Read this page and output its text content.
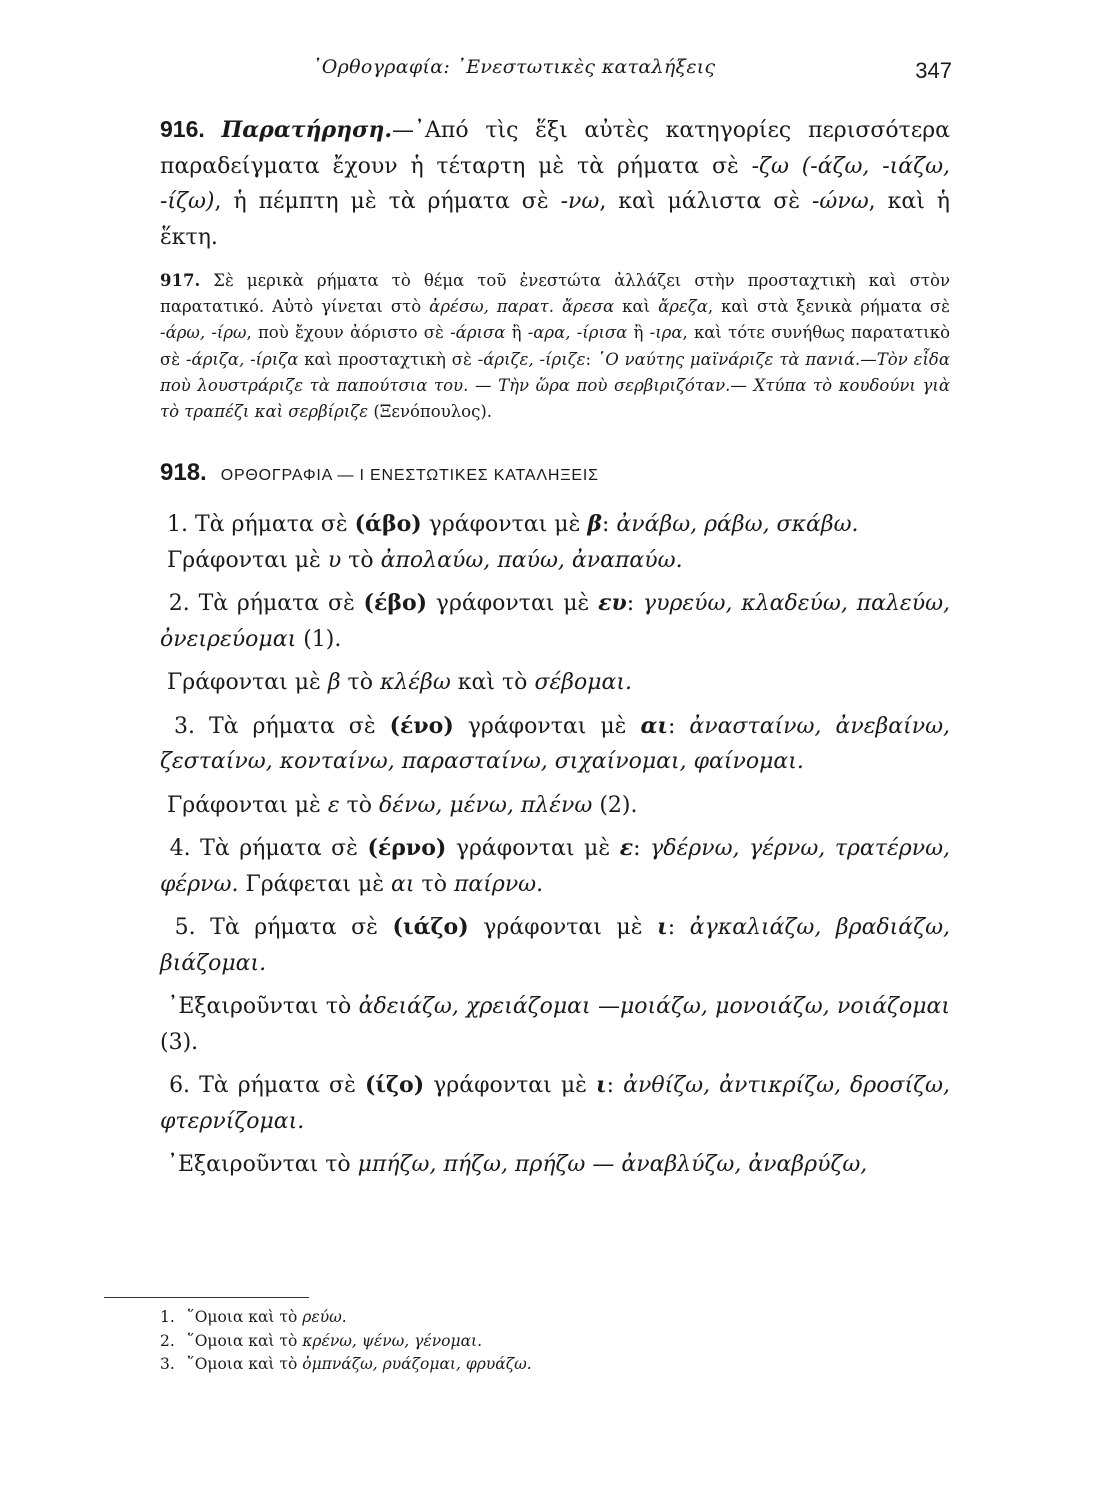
᾿Ορθογραφία: ᾿Ενεστωτικὲς καταλήξεις	347

916. Παρατήρηση.—᾿Από τὶς ἕξι αὐτὲς κατηγορίες περισσότερα παραδείγματα ἔχουν ἡ τέταρτη μὲ τὰ ρήματα σὲ -ζω (-άζω, -ιάζω, -ίζω), ἡ πέμπτη μὲ τὰ ρήματα σὲ -νω, καὶ μάλιστα σὲ -ώνω, καὶ ἡ ἕκτη.

917. Σὲ μερικὰ ρήματα τὸ θέμα τοῦ ἐνεστώτα ἀλλάζει στὴν προσταχτικὴ καὶ στὸν παρατατικό. Αὐτὸ γίνεται στὸ ἀρέσω, παρατ. ἄρεσα καὶ ἄρεζα, καὶ στὰ ξενικὰ ρήματα σὲ -άρω, -ίρω, ποὺ ἔχουν ἀόριστο σὲ -άρισα ἢ -αρα, -ίρισα ἢ -ιρα, καὶ τότε συνήθως παρατατικὸ σὲ -άριζα, -ίριζα καὶ προσταχτικὴ σὲ -άριζε, -ίριζε: ῾Ο ναύτης μαϊνάριζε τὰ πανιά.—Τὸν εἶδα ποὺ λουστράριζε τὰ παπούτσια του. — Τὴν ὥρα ποὺ σερβιριζόταν.— Χτύπα τὸ κουδούνι γιὰ τὸ τραπέζι καὶ σερβίριζε (Ξενόπουλος).

918. ΟΡΘΟΓΡΑΦΙΑ — Ι ΕΝΕΣΤΩΤΙΚΕΣ ΚΑΤΑΛΗΞΕΙΣ

1. Τὰ ρήματα σὲ (άβο) γράφονται μὲ β: ἀνάβω, ράβω, σκάβω.

Γράφονται μὲ υ τὸ ἀπολαύω, παύω, ἀναπαύω.

2. Τὰ ρήματα σὲ (έβο) γράφονται μὲ ευ: γυρεύω, κλαδεύω, παλεύω, ὀνειρεύομαι (1).

Γράφονται μὲ β τὸ κλέβω καὶ τὸ σέβομαι.

3. Τὰ ρήματα σὲ (ένο) γράφονται μὲ αι: ἀνασταίνω, ἀνεβαίνω, ζεσταίνω, κονταίνω, παρασταίνω, σιχαίνομαι, φαίνομαι.

Γράφονται μὲ ε τὸ δένω, μένω, πλένω (2).

4. Τὰ ρήματα σὲ (έρνο) γράφονται μὲ ε: γδέρνω, γέρνω, τρατέρνω, φέρνω. Γράφεται μὲ αι τὸ παίρνω.

5. Τὰ ρήματα σὲ (ιάζο) γράφονται μὲ ι: ἀγκαλιάζω, βραδιάζω, βιάζομαι.

᾿Εξαιροῦνται τὸ ἀδειάζω, χρειάζομαι —μοιάζω, μονοιάζω, νοιάζομαι (3).

6. Τὰ ρήματα σὲ (ίζο) γράφονται μὲ ι: ἀνθίζω, ἀντικρίζω, δροσίζω, φτερνίζομαι.

᾿Εξαιροῦνται τὸ μπήζω, πήζω, πρήζω — ἀναβλύζω, ἀναβρύζω,

1. ῞Ομοια καὶ τὸ ρεύω.
2. ῞Ομοια καὶ τὸ κρένω, ψένω, γένομαι.
3. ῞Ομοια καὶ τὸ ὀμπνάζω, ρυάζομαι, φρυάζω.
